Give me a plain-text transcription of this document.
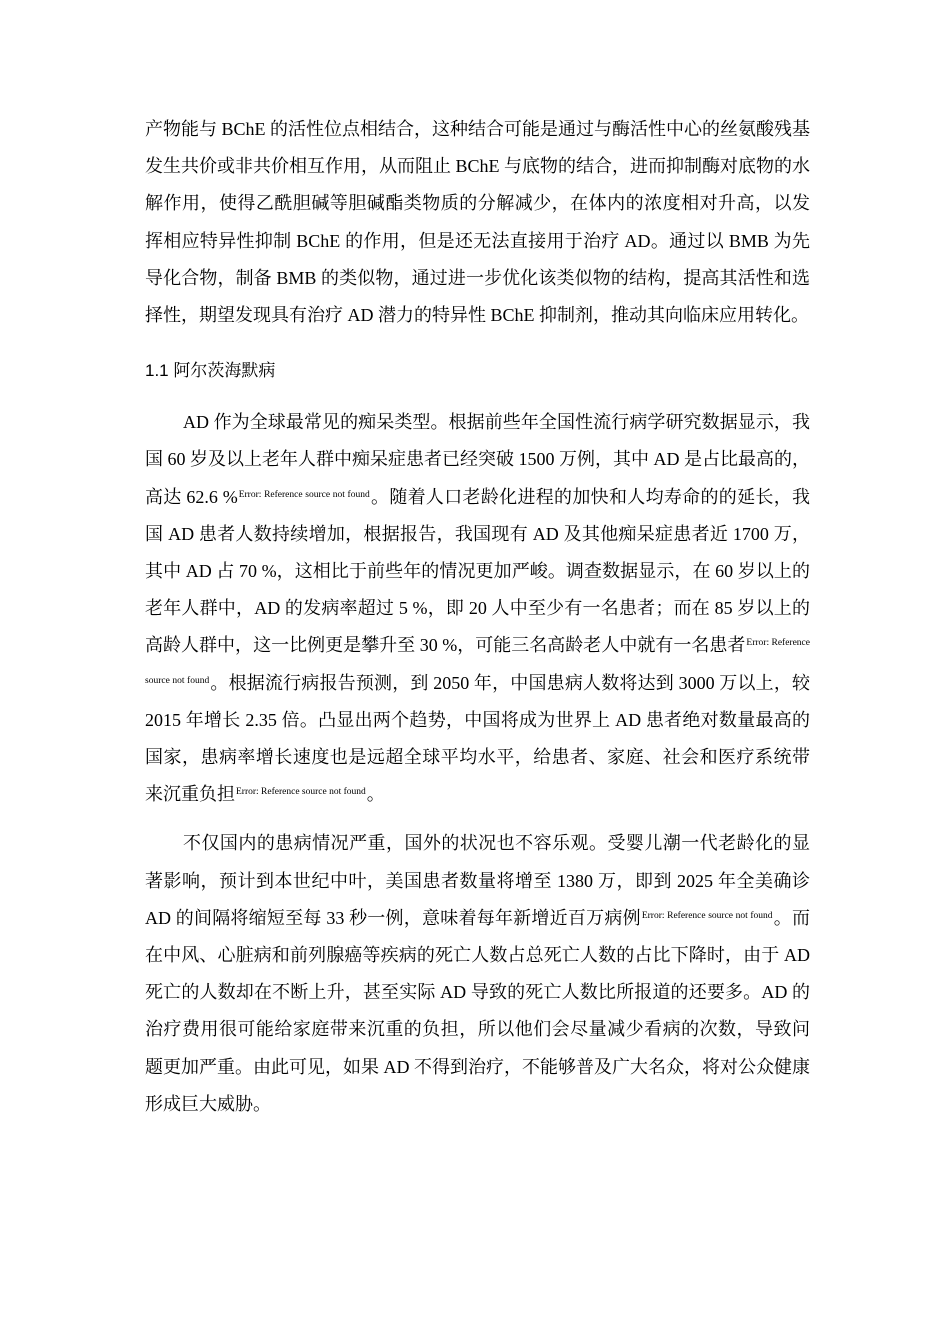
产物能与 BChE 的活性位点相结合，这种结合可能是通过与酶活性中心的丝氨酸残基发生共价或非共价相互作用，从而阻止 BChE 与底物的结合，进而抑制酶对底物的水解作用，使得乙酰胆碱等胆碱酯类物质的分解减少，在体内的浓度相对升高，以发挥相应特异性抑制 BChE 的作用，但是还无法直接用于治疗 AD。通过以 BMB 为先导化合物，制备 BMB 的类似物，通过进一步优化该类似物的结构，提高其活性和选择性，期望发现具有治疗 AD 潜力的特异性 BChE 抑制剂，推动其向临床应用转化。

1.1 阿尔茨海默病

AD 作为全球最常见的痴呆类型。根据前些年全国性流行病学研究数据显示，我国 60 岁及以上老年人群中痴呆症患者已经突破 1500 万例，其中 AD 是占比最高的，高达 62.6 %$^{Error: Reference source not found}$。随着人口老龄化进程的加快和人均寿命的的延长，我国 AD 患者人数持续增加，根据报告，我国现有 AD 及其他痴呆症患者近 1700 万，其中 AD 占 70 %，这相比于前些年的情况更加严峻。调查数据显示，在 60 岁以上的老年人群中，AD 的发病率超过 5 %，即 20 人中至少有一名患者；而在 85 岁以上的高龄人群中，这一比例更是攀升至 30 %，可能三名高龄老人中就有一名患者$^{Error: Reference source not found}$。根据流行病报告预测，到 2050 年，中国患病人数将达到 3000 万以上，较 2015 年增长 2.35 倍。凸显出两个趋势，中国将成为世界上 AD 患者绝对数量最高的国家，患病率增长速度也是远超全球平均水平，给患者、家庭、社会和医疗系统带来沉重负担$^{Error: Reference source not found}$。

不仅国内的患病情况严重，国外的状况也不容乐观。受婴儿潮一代老龄化的显著影响，预计到本世纪中叶，美国患者数量将增至 1380 万，即到 2025 年全美确诊 AD 的间隔将缩短至每 33 秒一例，意味着每年新增近百万病例$^{Error: Reference source not found}$。而在中风、心脏病和前列腺癌等疾病的死亡人数占总死亡人数的占比下降时，由于 AD 死亡的人数却在不断上升，甚至实际 AD 导致的死亡人数比所报道的还要多。AD 的治疗费用很可能给家庭带来沉重的负担，所以他们会尽量减少看病的次数，导致问题更加严重。由此可见，如果 AD 不得到治疗，不能够普及广大名众，将对公众健康形成巨大威胁。
